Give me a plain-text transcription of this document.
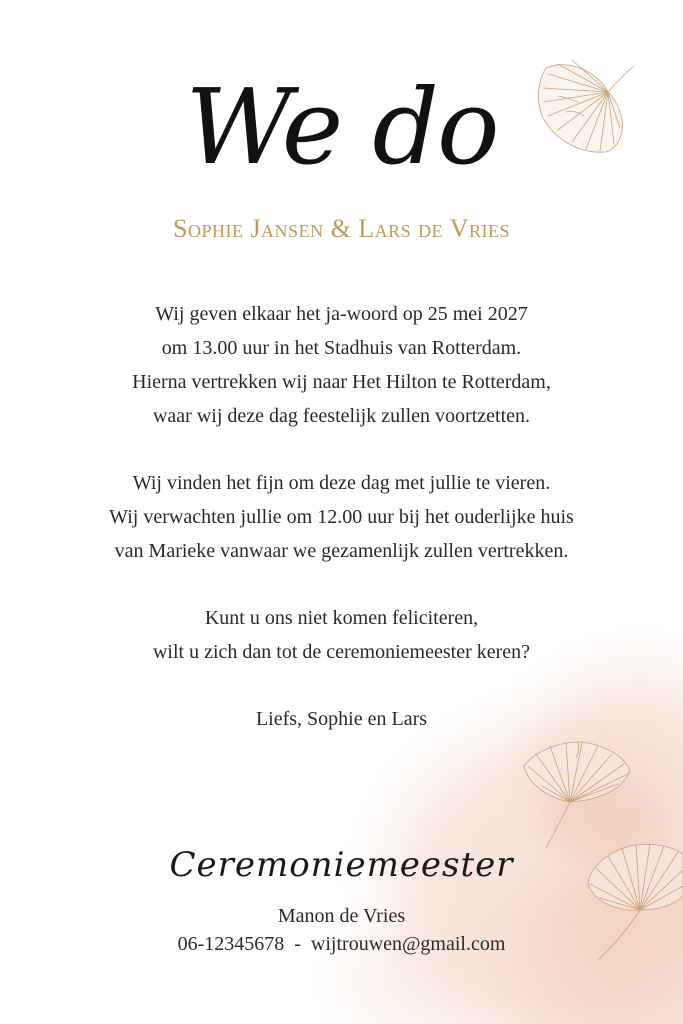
We do
Sophie Jansen & Lars de Vries
Wij geven elkaar het ja-woord op 25 mei 2027
om 13.00 uur in het Stadhuis van Rotterdam.
Hierna vertrekken wij naar Het Hilton te Rotterdam,
waar wij deze dag feestelijk zullen voortzetten.
Wij vinden het fijn om deze dag met jullie te vieren.
Wij verwachten jullie om 12.00 uur bij het ouderlijke huis
van Marieke vanwaar we gezamenlijk zullen vertrekken.
Kunt u ons niet komen feliciteren,
wilt u zich dan tot de ceremoniemeester keren?
Liefs, Sophie en Lars
Ceremoniemeester
Manon de Vries
06-12345678  -  wijtrouwen@gmail.com
